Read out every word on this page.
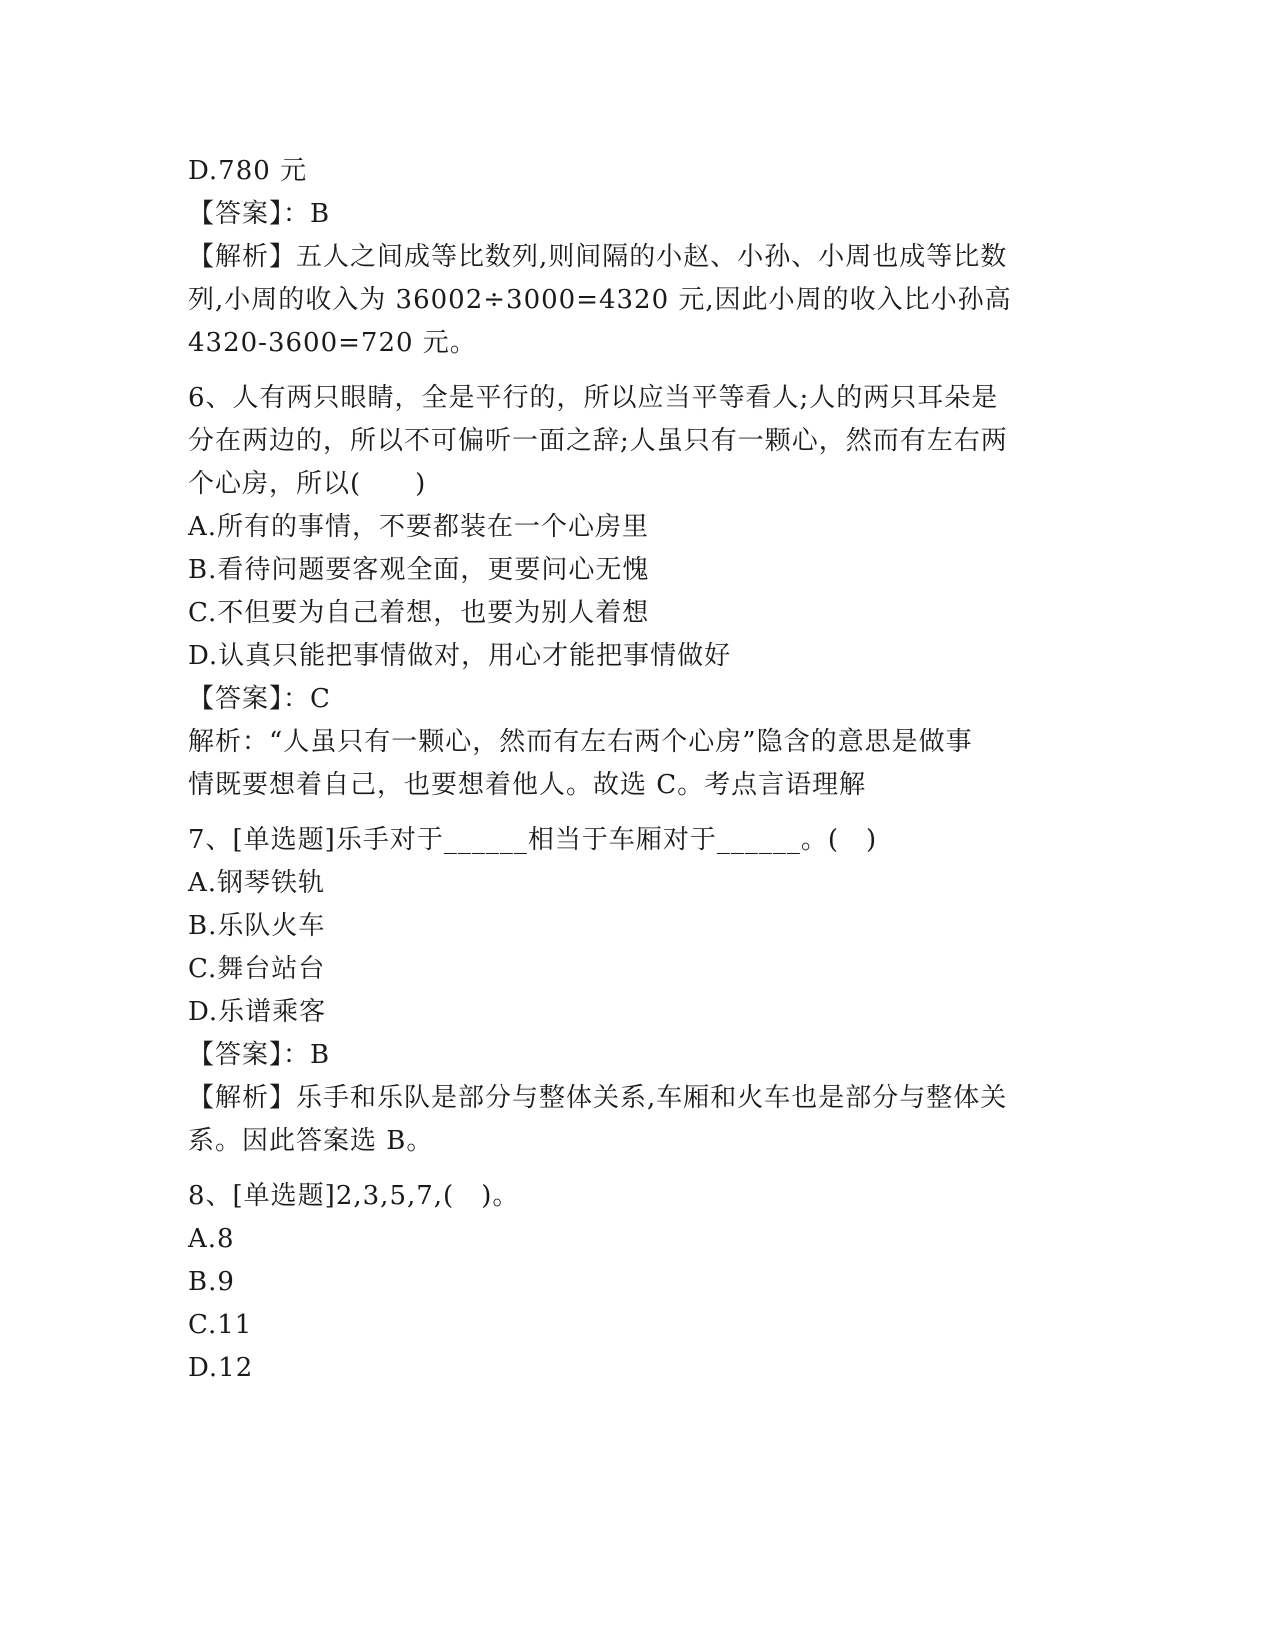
D.780 元
【答案】：B
【解析】五人之间成等比数列,则间隔的小赵、小孙、小周也成等比数
列,小周的收入为 36002÷3000=4320 元,因此小周的收入比小孙高
4320-3600=720 元。
6、人有两只眼睛，全是平行的，所以应当平等看人;人的两只耳朵是
分在两边的，所以不可偏听一面之辞;人虽只有一颗心，然而有左右两
个心房，所以(　　)
A.所有的事情，不要都装在一个心房里
B.看待问题要客观全面，更要问心无愧
C.不但要为自己着想，也要为别人着想
D.认真只能把事情做对，用心才能把事情做好
【答案】：C
解析：“人虽只有一颗心，然而有左右两个心房”隐含的意思是做事
情既要想着自己，也要想着他人。故选 C。考点言语理解
7、[单选题]乐手对于______相当于车厢对于______。(　)
A.钢琴铁轨
B.乐队火车
C.舞台站台
D.乐谱乘客
【答案】：B
【解析】乐手和乐队是部分与整体关系,车厢和火车也是部分与整体关
系。因此答案选 B。
8、[单选题]2,3,5,7,(　)。
A.8
B.9
C.11
D.12
